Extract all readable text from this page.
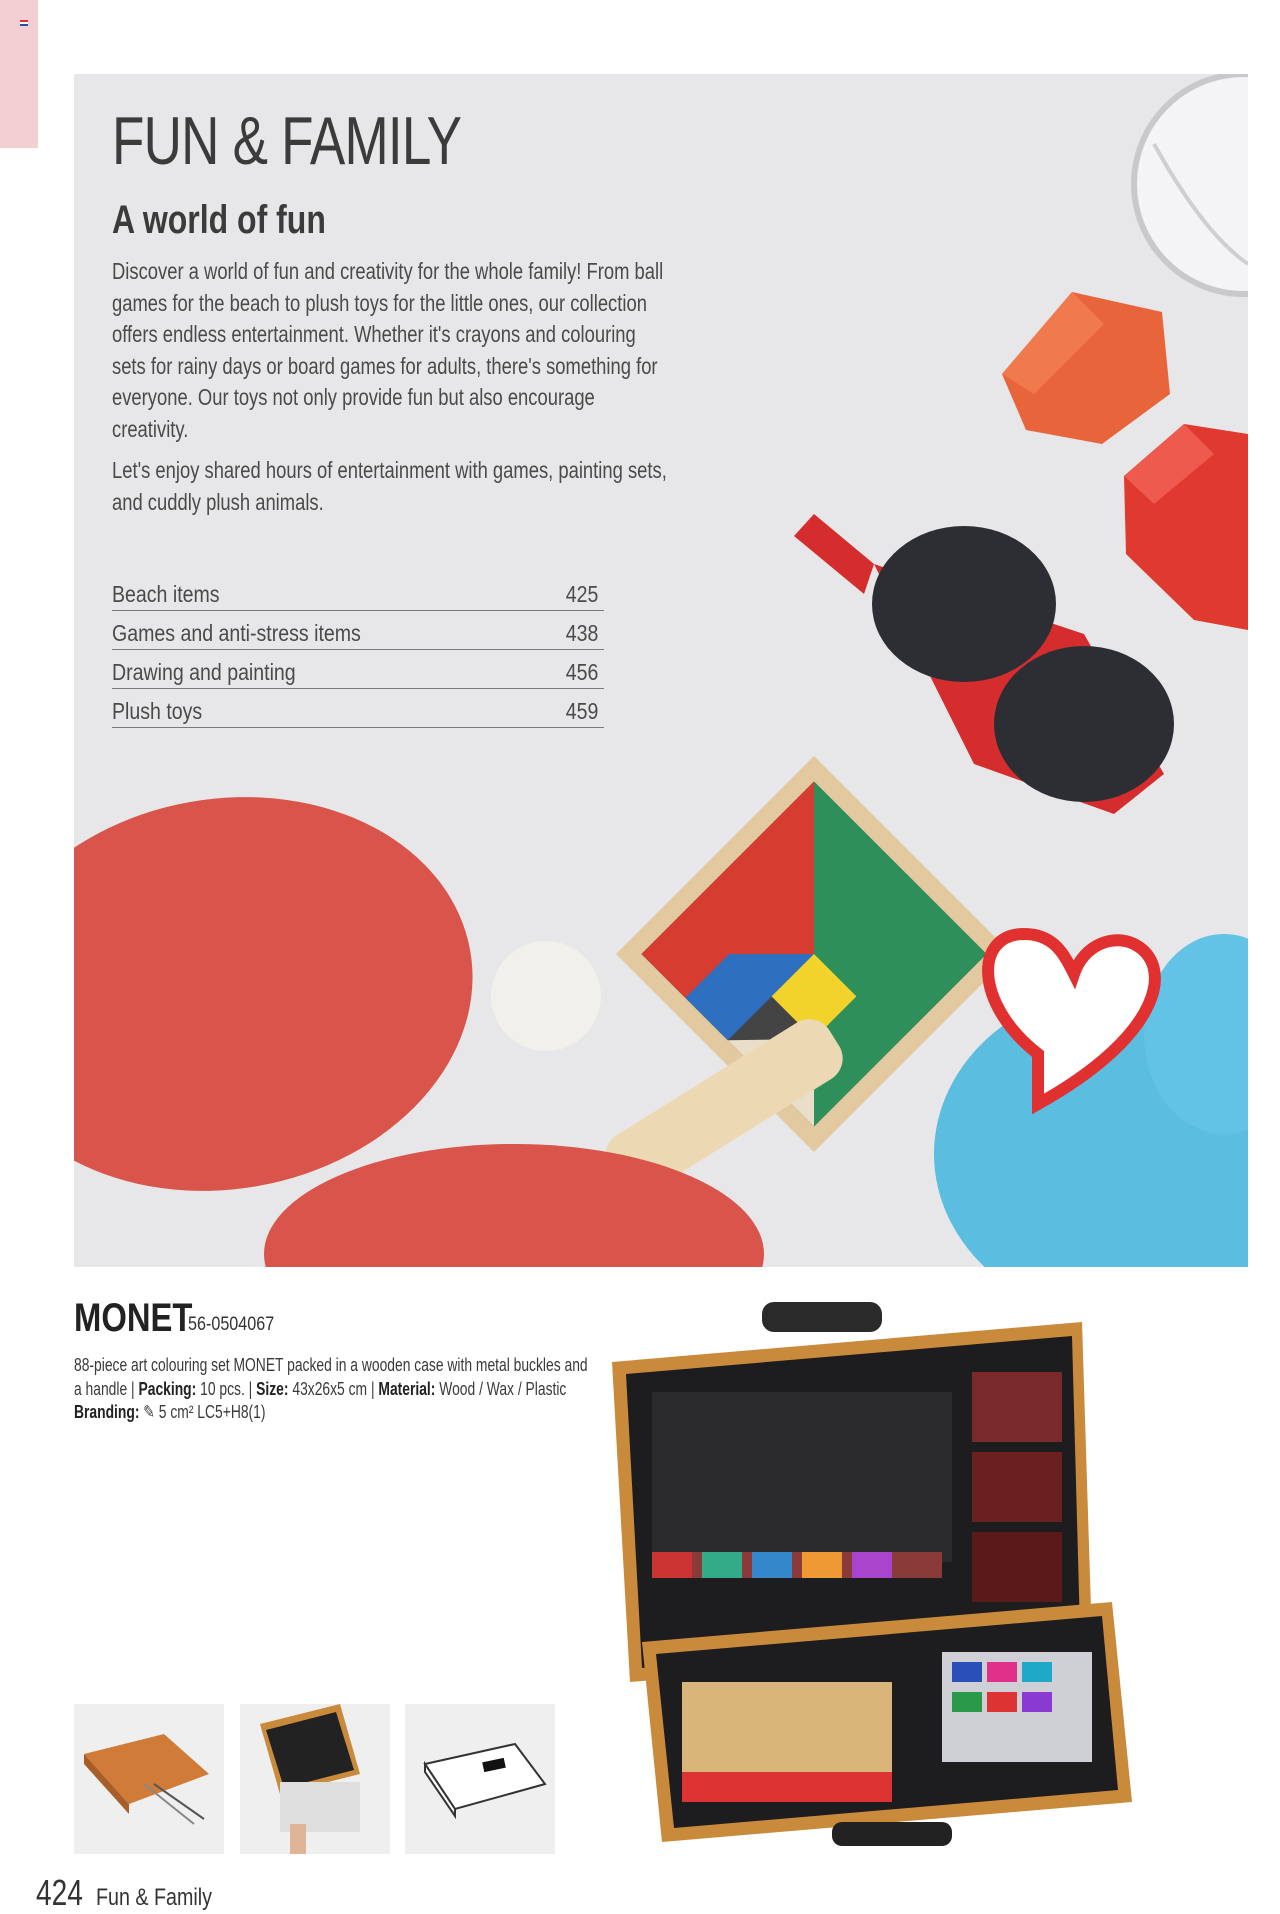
FUN & FAMILY
A world of fun

Discover a world of fun and creativity for the whole family! From ball games for the beach to plush toys for the little ones, our collection offers endless entertainment. Whether it's crayons and colouring sets for rainy days or board games for adults, there's something for everyone. Our toys not only provide fun but also encourage creativity.

Let's enjoy shared hours of entertainment with games, painting sets, and cuddly plush animals.

Beach items	425
Games and anti-stress items	438
Drawing and painting	456
Plush toys	459
MONET
56-0504067
88-piece art colouring set MONET packed in a wooden case with metal buckles and a handle | Packing: 10 pcs. | Size: 43x26x5 cm | Material: Wood / Wax / Plastic
Branding: ✎ 5 cm² LC5+H8(1)
424 Fun & Family
